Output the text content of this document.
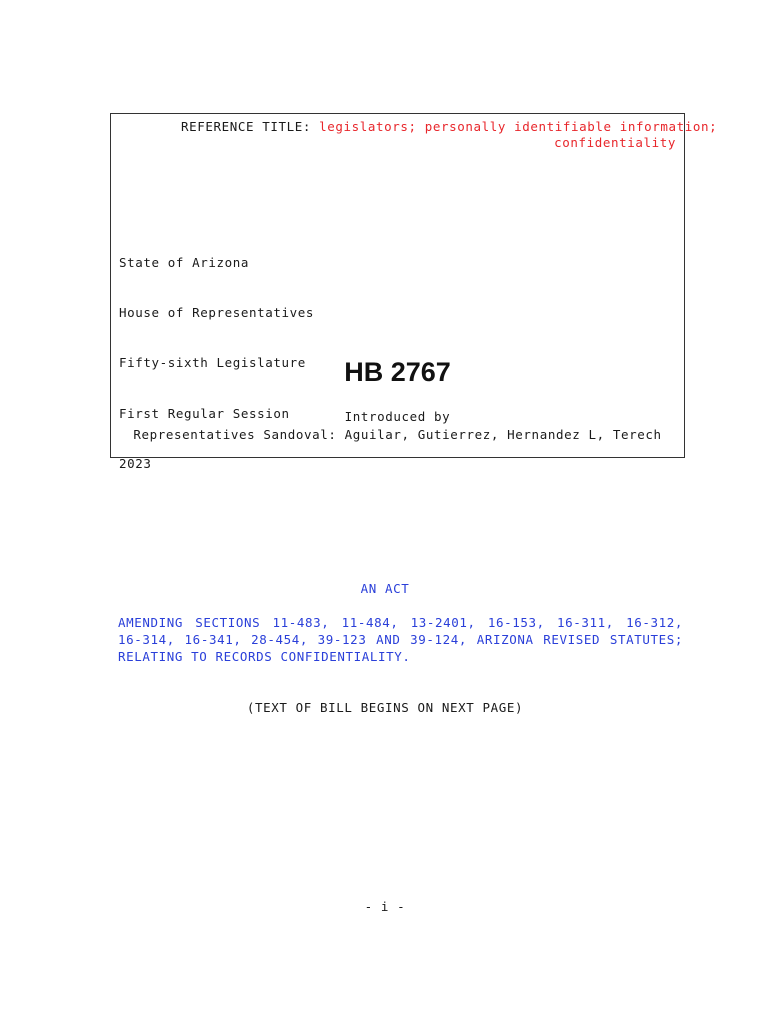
REFERENCE TITLE: legislators; personally identifiable information;
confidentiality

State of Arizona

House of Representatives

Fifty-sixth Legislature

First Regular Session

2023

HB 2767
Introduced by
Representatives Sandoval: Aguilar, Gutierrez, Hernandez L, Terech
AN ACT
AMENDING SECTIONS 11-483, 11-484, 13-2401, 16-153, 16-311, 16-312, 16-314, 16-341, 28-454, 39-123 AND 39-124, ARIZONA REVISED STATUTES; RELATING TO RECORDS CONFIDENTIALITY.
(TEXT OF BILL BEGINS ON NEXT PAGE)
- i -
